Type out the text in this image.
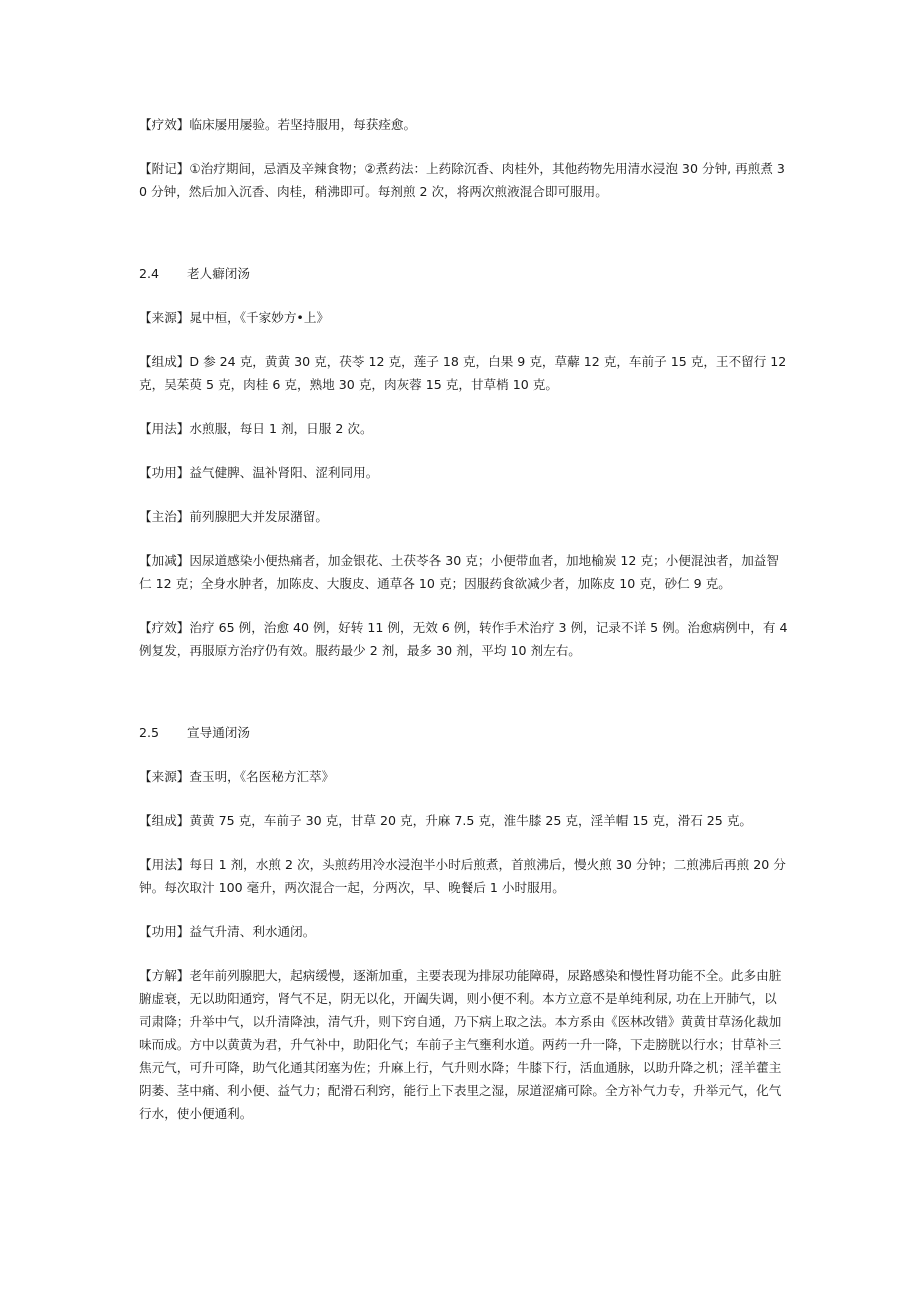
【疗效】临床屡用屡验。若坚持服用，每获痊愈。

【附记】①治疗期间，忌酒及辛辣食物；②煮药法：上药除沉香、肉桂外，其他药物先用清水浸泡 30 分钟, 再煎煮 30 分钟，然后加入沉香、肉桂，稍沸即可。每剂煎 2 次，将两次煎液混合即可服用。

2.4 老人癖闭汤

【来源】晁中桓，《千家妙方•上》

【组成】D 参 24 克，黄黄 30 克，茯苓 12 克，莲子 18 克，白果 9 克，草薢 12 克，车前子 15 克，王不留行 12 克，吴茱萸 5 克，肉桂 6 克，熟地 30 克，肉灰蓉 15 克，甘草梢 10 克。

【用法】水煎服，每日 1 剂，日服 2 次。

【功用】益气健脾、温补肾阳、涩利同用。

【主治】前列腺肥大并发尿潴留。

【加减】因尿道感染小便热痛者，加金银花、土茯苓各 30 克；小便带血者，加地榆炭 12 克；小便混浊者，加益智仁 12 克；全身水肿者，加陈皮、大腹皮、通草各 10 克；因服药食欲减少者，加陈皮 10 克，砂仁 9 克。

【疗效】治疗 65 例，治愈 40 例，好转 11 例，无效 6 例，转作手术治疗 3 例，记录不详 5 例。治愈病例中，有 4 例复发，再服原方治疗仍有效。服药最少 2 剂，最多 30 剂，平均 10 剂左右。

2.5 宣导通闭汤

【来源】查玉明，《名医秘方汇萃》

【组成】黄黄 75 克，车前子 30 克，甘草 20 克，升麻 7.5 克，淮牛膝 25 克，淫羊帽 15 克，滑石 25 克。

【用法】每日 1 剂，水煎 2 次，头煎药用冷水浸泡半小时后煎煮，首煎沸后，慢火煎 30 分钟；二煎沸后再煎 20 分钟。每次取汁 100 毫升，两次混合一起，分两次，早、晚餐后 1 小时服用。

【功用】益气升清、利水通闭。

【方解】老年前列腺肥大，起病缓慢，逐渐加重，主要表现为排尿功能障碍，尿路感染和慢性肾功能不全。此多由脏腑虚衰，无以助阳通窍，肾气不足，阴无以化，开阖失调，则小便不利。本方立意不是单纯利尿, 功在上开肺气，以司肃降；升举中气，以升清降浊，清气升，则下窍自通，乃下病上取之法。本方系由《医林改错》黄黄甘草汤化裁加味而成。方中以黄黄为君，升气补中，助阳化气；车前子主气壅利水道。两药一升一降，下走膀胱以行水；甘草补三焦元气，可升可降，助气化通其闭塞为佐；升麻上行，气升则水降；牛膝下行，活血通脉，以助升降之机；淫羊藿主阴萎、茎中痛、利小便、益气力；配滑石利窍，能行上下表里之湿，尿道涩痛可除。全方补气力专，升举元气，化气行水，使小便通利。
